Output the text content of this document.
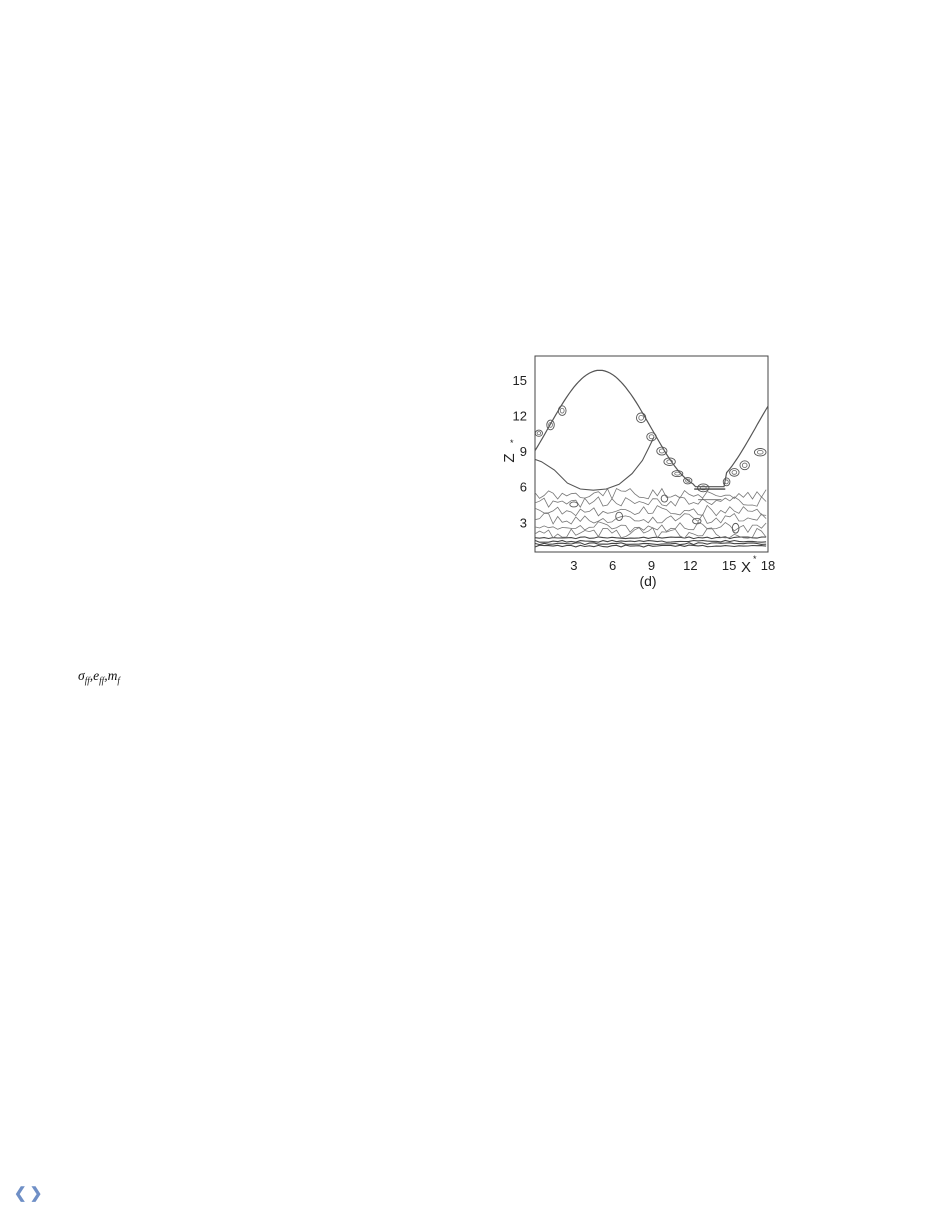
3 6 9 12 15 18
3
6
9
12
15
(d)
X *
Z
*

$\sigma_{ff},e_{ff},m_f$

❮❯
